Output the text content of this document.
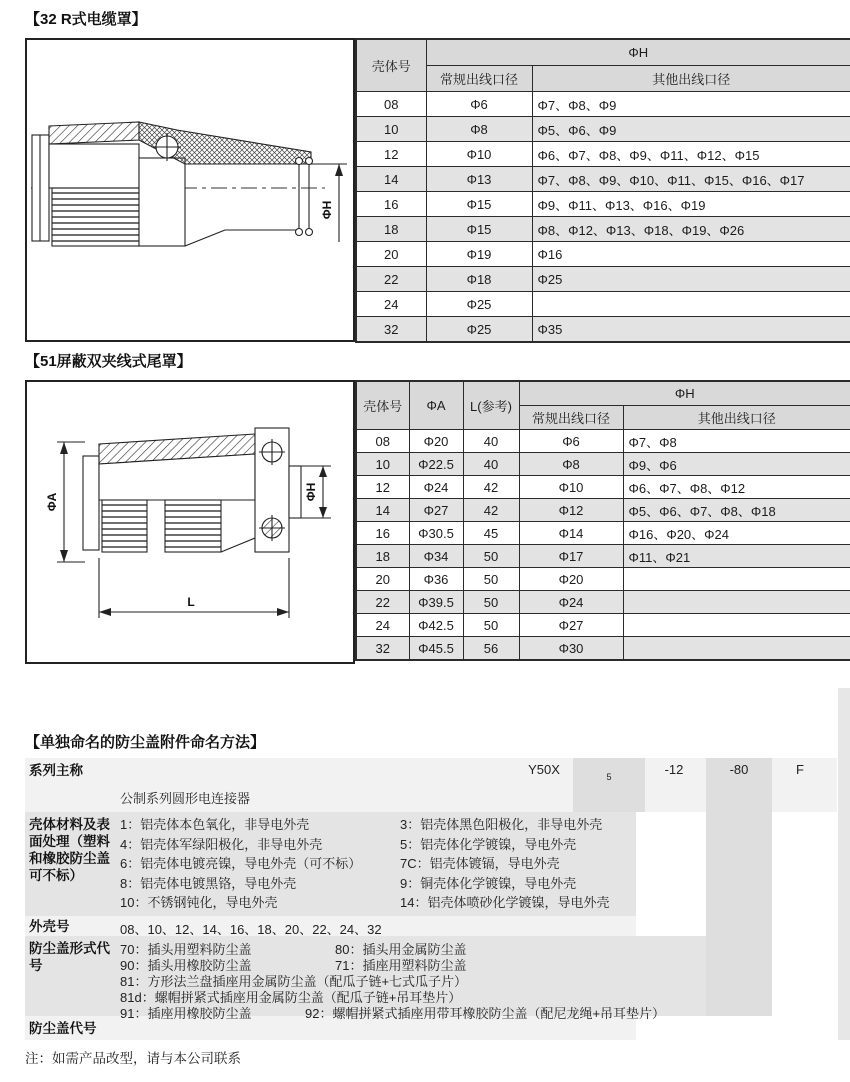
【32 R式电缆罩】
ΦH
壳体号	ΦH	
	常规出线口径	其他出线口径
08	Φ6	Φ7、Φ8、Φ9
10	Φ8	Φ5、Φ6、Φ9
12	Φ10	Φ6、Φ7、Φ8、Φ9、Φ11、Φ12、Φ15
14	Φ13	Φ7、Φ8、Φ9、Φ10、Φ11、Φ15、Φ16、Φ17
16	Φ15	Φ9、Φ11、Φ13、Φ16、Φ19
18	Φ15	Φ8、Φ12、Φ13、Φ18、Φ19、Φ26
20	Φ19	Φ16
22	Φ18	Φ25
24	Φ25	
32	Φ25	Φ35
【51屏蔽双夹线式尾罩】
ΦA
ΦH
L
壳体号	ΦA	L(参考)	ΦH	
			常规出线口径	其他出线口径
08	Φ20	40	Φ6	Φ7、Φ8
10	Φ22.5	40	Φ8	Φ9、Φ6
12	Φ24	42	Φ10	Φ6、Φ7、Φ8、Φ12
14	Φ27	42	Φ12	Φ5、Φ6、Φ7、Φ8、Φ18
16	Φ30.5	45	Φ14	Φ16、Φ20、Φ24
18	Φ34	50	Φ17	Φ11、Φ21
20	Φ36	50	Φ20	
22	Φ39.5	50	Φ24	
24	Φ42.5	50	Φ27	
32	Φ45.5	56	Φ30	
【单独命名的防尘盖附件命名方法】
系列主称
公制系列圆形电连接器
Y50X	5	-12	-80	F
壳体材料及表面处理（塑料和橡胶防尘盖可不标）
1：铝壳体本色氧化，非导电外壳
4：铝壳体军绿阳极化，非导电外壳
6：铝壳体电镀亮镍，导电外壳（可不标）
8：铝壳体电镀黑铬，导电外壳
10：不锈钢钝化，导电外壳
3：铝壳体黑色阳极化，非导电外壳
5：铝壳体化学镀镍，导电外壳
7C：铝壳体镀镉，导电外壳
9：铜壳体化学镀镍，导电外壳
14：铝壳体喷砂化学镀镍，导电外壳
外壳号	08、10、12、14、16、18、20、22、24、32
防尘盖形式代号
70：插头用塑料防尘盖	80：插头用金属防尘盖
90：插头用橡胶防尘盖	71：插座用塑料防尘盖
81：方形法兰盘插座用金属防尘盖（配瓜子链+七式瓜子片）
81d：螺帽拼紧式插座用金属防尘盖（配瓜子链+吊耳垫片）
91：插座用橡胶防尘盖	92：螺帽拼紧式插座用带耳橡胶防尘盖（配尼龙绳+吊耳垫片）
防尘盖代号
注：如需产品改型，请与本公司联系
